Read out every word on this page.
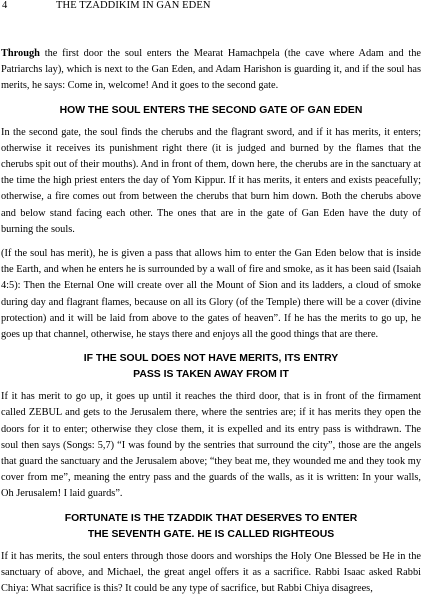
4	THE TZADDIKIM IN GAN EDEN

Through the first door the soul enters the Mearat Hamachpela (the cave where Adam and the Patriarchs lay), which is next to the Gan Eden, and Adam Harishon is guarding it, and if the soul has merits, he says: Come in, welcome! And it goes to the second gate.

HOW THE SOUL ENTERS THE SECOND GATE OF GAN EDEN

In the second gate, the soul finds the cherubs and the flagrant sword, and if it has merits, it enters; otherwise it receives its punishment right there (it is judged and burned by the flames that the cherubs spit out of their mouths). And in front of them, down here, the cherubs are in the sanctuary at the time the high priest enters the day of Yom Kippur. If it has merits, it enters and exists peacefully; otherwise, a fire comes out from between the cherubs that burn him down. Both the cherubs above and below stand facing each other. The ones that are in the gate of Gan Eden have the duty of burning the souls.

(If the soul has merit), he is given a pass that allows him to enter the Gan Eden below that is inside the Earth, and when he enters he is surrounded by a wall of fire and smoke, as it has been said (Isaiah 4:5): Then the Eternal One will create over all the Mount of Sion and its ladders, a cloud of smoke during day and flagrant flames, because on all its Glory (of the Temple) there will be a cover (divine protection) and it will be laid from above to the gates of heaven”. If he has the merits to go up, he goes up that channel, otherwise, he stays there and enjoys all the good things that are there.

IF THE SOUL DOES NOT HAVE MERITS, ITS ENTRY
PASS IS TAKEN AWAY FROM IT

If it has merit to go up, it goes up until it reaches the third door, that is in front of the firmament called ZEBUL and gets to the Jerusalem there, where the sentries are; if it has merits they open the doors for it to enter; otherwise they close them, it is expelled and its entry pass is withdrawn. The soul then says (Songs: 5,7) “I was found by the sentries that surround the city”, those are the angels that guard the sanctuary and the Jerusalem above; “they beat me, they wounded me and they took my cover from me”, meaning the entry pass and the guards of the walls, as it is written: In your walls, Oh Jerusalem! I laid guards”.

FORTUNATE IS THE TZADDIK THAT DESERVES TO ENTER
THE SEVENTH GATE. HE IS CALLED RIGHTEOUS

If it has merits, the soul enters through those doors and worships the Holy One Blessed be He in the sanctuary of above, and Michael, the great angel offers it as a sacrifice. Rabbi Isaac asked Rabbi Chiya: What sacrifice is this? It could be any type of sacrifice, but Rabbi Chiya disagrees,
